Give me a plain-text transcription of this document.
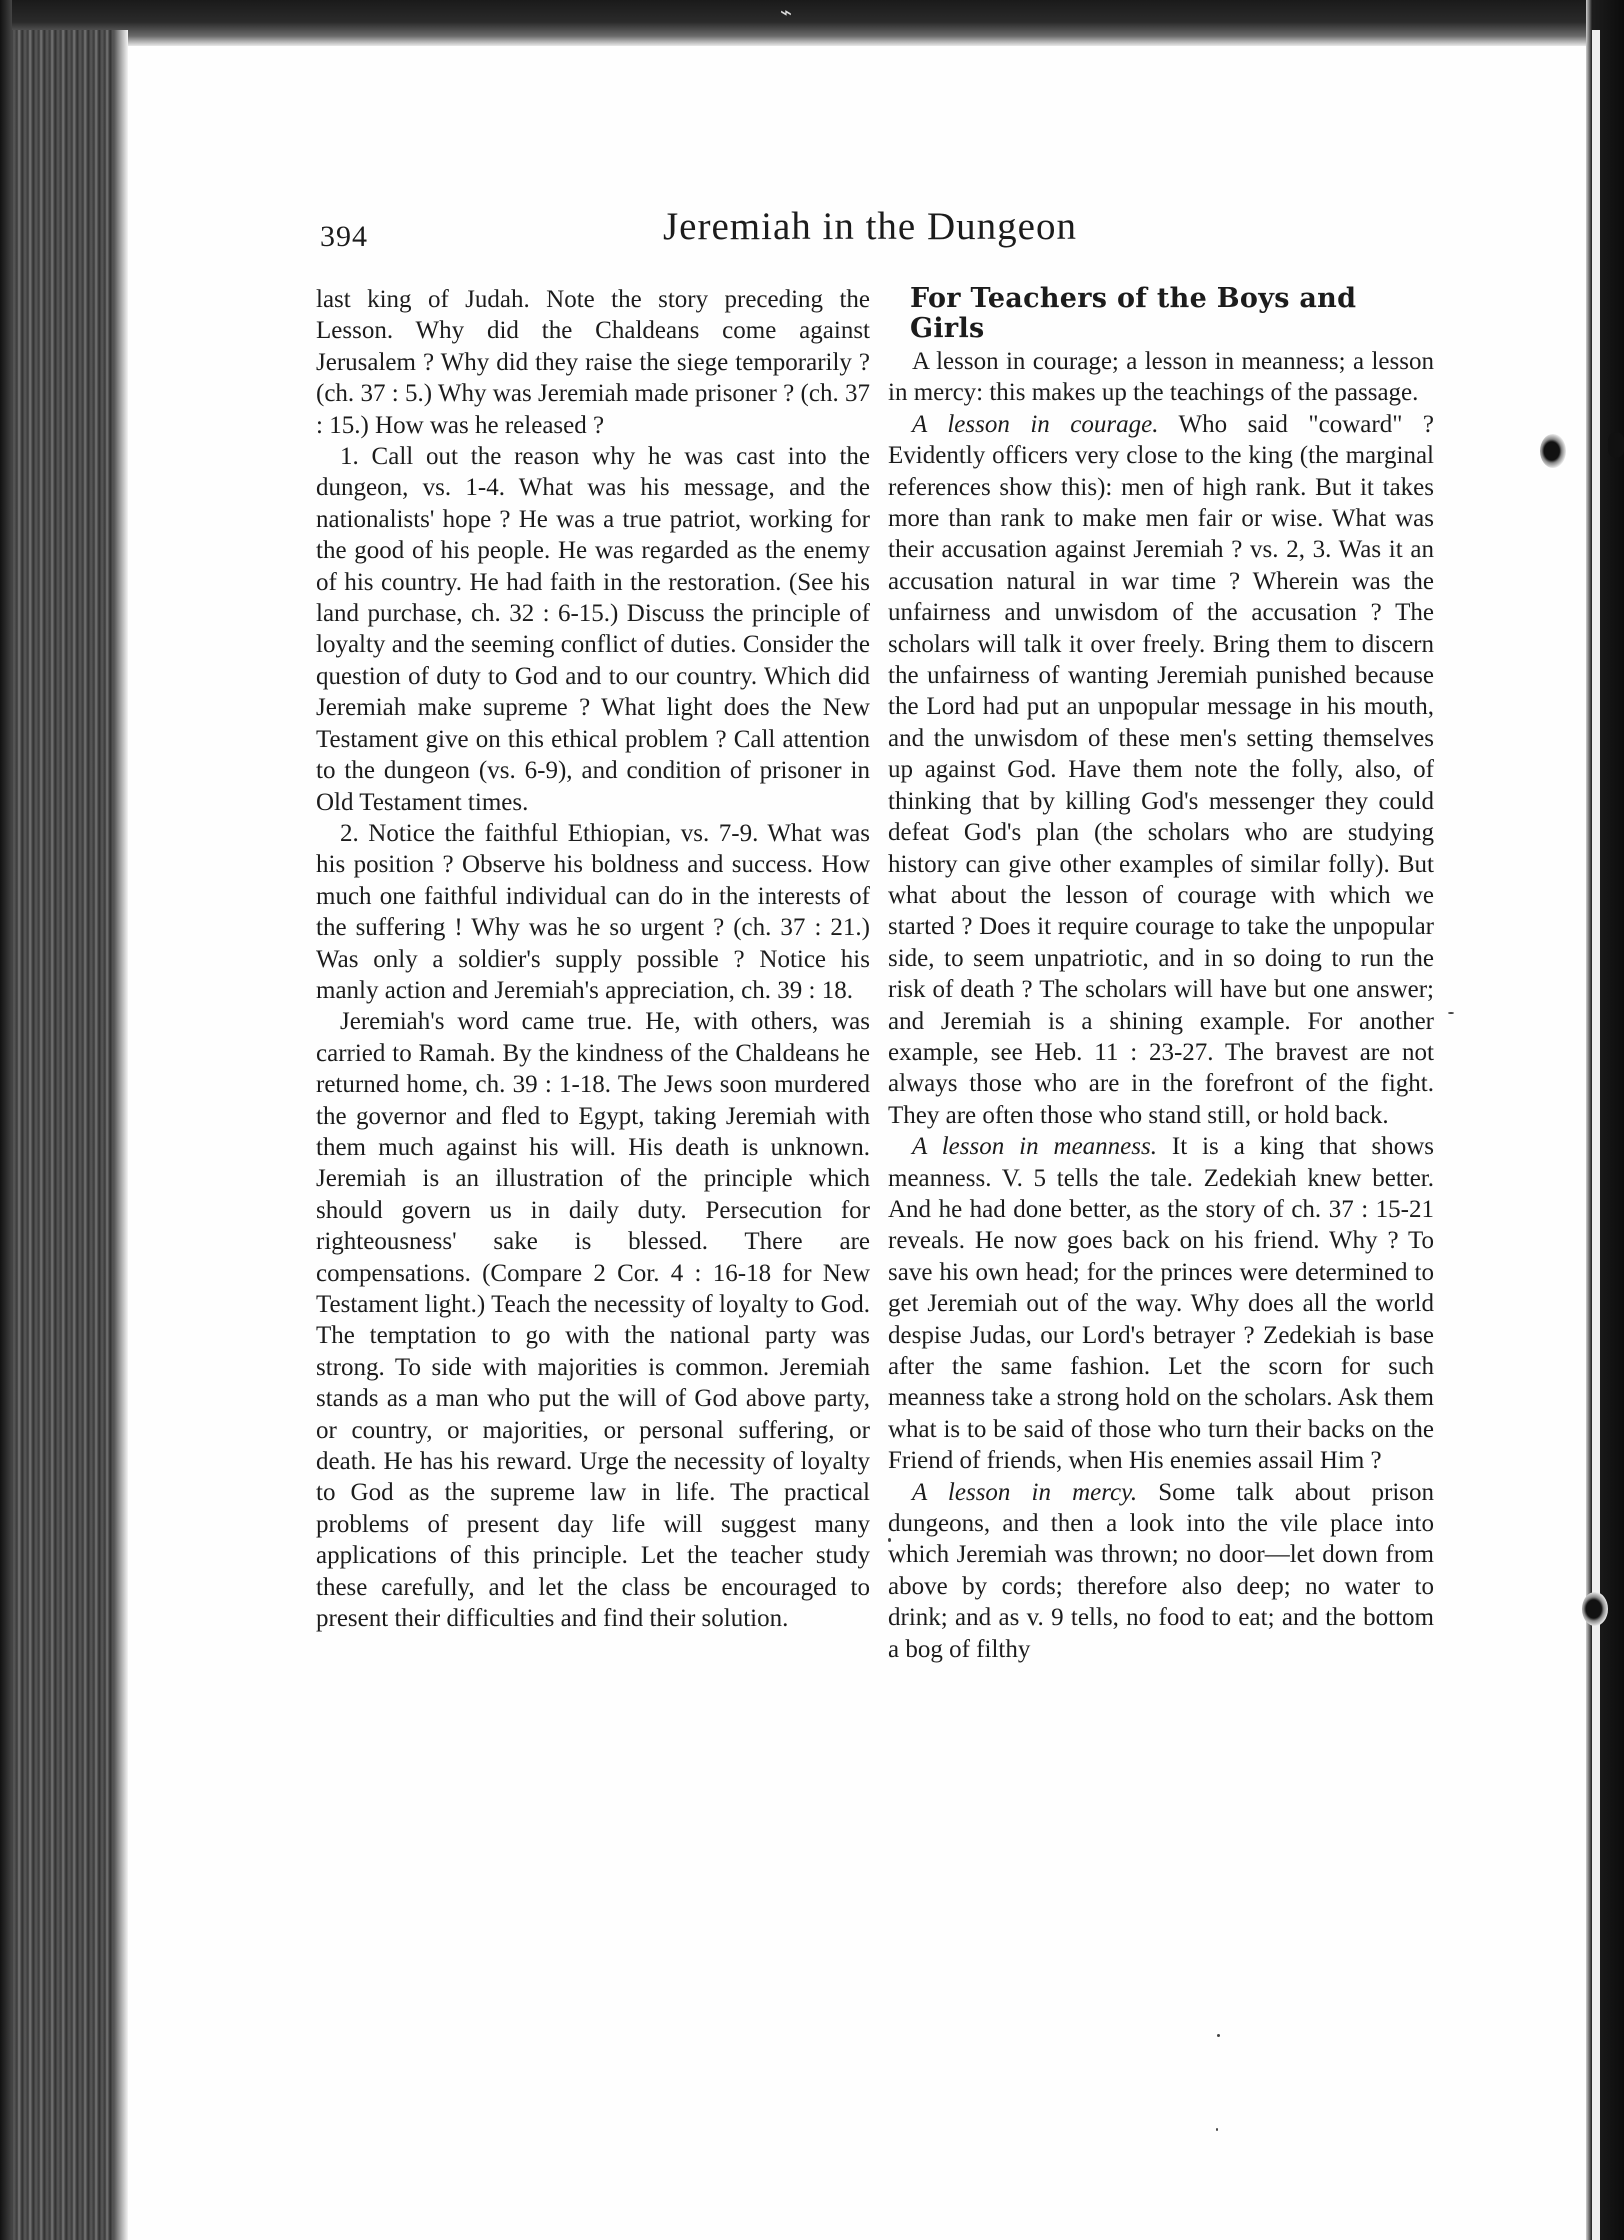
⌁
394	Jeremiah in the Dungeon

last king of Judah. Note the story preceding the Lesson. Why did the Chaldeans come against Jerusalem ? Why did they raise the siege temporarily ? (ch. 37 : 5.) Why was Jeremiah made prisoner ? (ch. 37 : 15.) How was he released ?

1. Call out the reason why he was cast into the dungeon, vs. 1-4. What was his message, and the nationalists' hope ? He was a true patriot, working for the good of his people. He was regarded as the enemy of his country. He had faith in the restoration. (See his land purchase, ch. 32 : 6-15.) Discuss the principle of loyalty and the seeming conflict of duties. Consider the question of duty to God and to our country. Which did Jeremiah make supreme ? What light does the New Testament give on this ethical problem ? Call attention to the dungeon (vs. 6-9), and condition of prisoner in Old Testament times.

2. Notice the faithful Ethiopian, vs. 7-9. What was his position ? Observe his boldness and success. How much one faithful individual can do in the interests of the suffering ! Why was he so urgent ? (ch. 37 : 21.) Was only a soldier's supply possible ? Notice his manly action and Jeremiah's appreciation, ch. 39 : 18.

Jeremiah's word came true. He, with others, was carried to Ramah. By the kindness of the Chaldeans he returned home, ch. 39 : 1-18. The Jews soon murdered the governor and fled to Egypt, taking Jeremiah with them much against his will. His death is unknown. Jeremiah is an illustration of the principle which should govern us in daily duty. Persecution for righteousness' sake is blessed. There are compensations. (Compare 2 Cor. 4 : 16-18 for New Testament light.) Teach the necessity of loyalty to God. The temptation to go with the national party was strong. To side with majorities is common. Jeremiah stands as a man who put the will of God above party, or country, or majorities, or personal suffering, or death. He has his reward. Urge the necessity of loyalty to God as the supreme law in life. The practical problems of present day life will suggest many applications of this principle. Let the teacher study these carefully, and let the class be encouraged to present their difficulties and find their solution.

For Teachers of the Boys and Girls

A lesson in courage; a lesson in meanness; a lesson in mercy: this makes up the teachings of the passage.

A lesson in courage. Who said "coward" ? Evidently officers very close to the king (the marginal references show this): men of high rank. But it takes more than rank to make men fair or wise. What was their accusation against Jeremiah ? vs. 2, 3. Was it an accusation natural in war time ? Wherein was the unfairness and unwisdom of the accusation ? The scholars will talk it over freely. Bring them to discern the unfairness of wanting Jeremiah punished because the Lord had put an unpopular message in his mouth, and the unwisdom of these men's setting themselves up against God. Have them note the folly, also, of thinking that by killing God's messenger they could defeat God's plan (the scholars who are studying history can give other examples of similar folly). But what about the lesson of courage with which we started ? Does it require courage to take the unpopular side, to seem unpatriotic, and in so doing to run the risk of death ? The scholars will have but one answer; and Jeremiah is a shining example. For another example, see Heb. 11 : 23-27. The bravest are not always those who are in the forefront of the fight. They are often those who stand still, or hold back.

A lesson in meanness. It is a king that shows meanness. V. 5 tells the tale. Zedekiah knew better. And he had done better, as the story of ch. 37 : 15-21 reveals. He now goes back on his friend. Why ? To save his own head; for the princes were determined to get Jeremiah out of the way. Why does all the world despise Judas, our Lord's betrayer ? Zedekiah is base after the same fashion. Let the scorn for such meanness take a strong hold on the scholars. Ask them what is to be said of those who turn their backs on the Friend of friends, when His enemies assail Him ?

A lesson in mercy. Some talk about prison dungeons, and then a look into the vile place into which Jeremiah was thrown; no door—let down from above by cords; therefore also deep; no water to drink; and as v. 9 tells, no food to eat; and the bottom a bog of filthy
